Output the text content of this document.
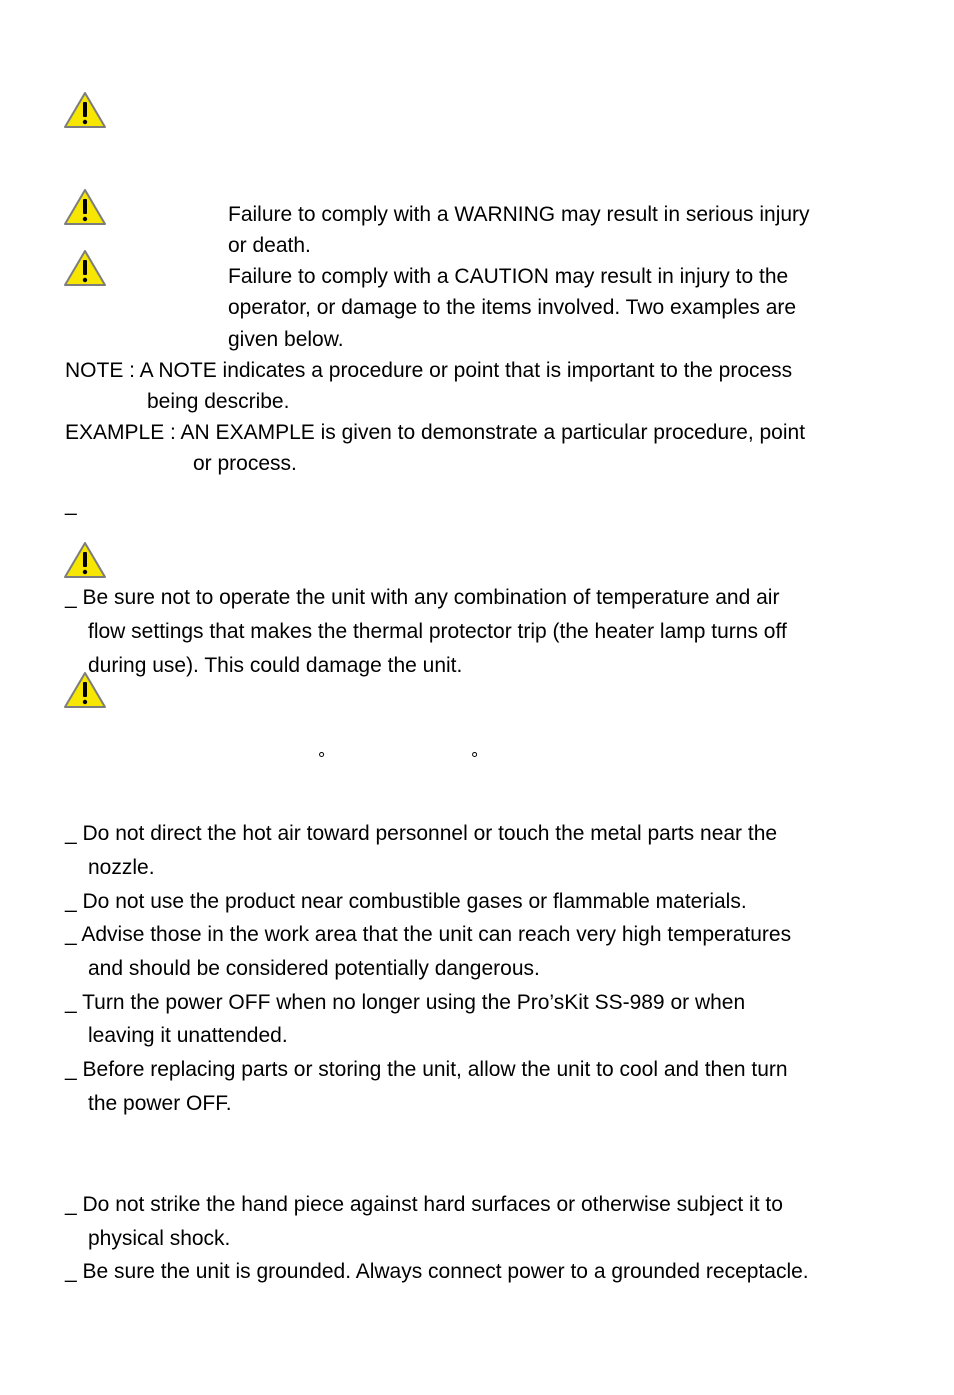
Failure to comply with a WARNING may result in serious injury
or death.
Failure to comply with a CAUTION may result in injury to the
operator, or damage to the items involved. Two examples are
given below.
NOTE : A NOTE indicates a procedure or point that is important to the process
being describe.
EXAMPLE : AN EXAMPLE is given to demonstrate a particular procedure, point
or process.
_
_ Be sure not to operate the unit with any combination of temperature and air
flow settings that makes the thermal protector trip (the heater lamp turns off
during use). This could damage the unit.
°	°
_ Do not direct the hot air toward personnel or touch the metal parts near the
nozzle.
_ Do not use the product near combustible gases or flammable materials.
_ Advise those in the work area that the unit can reach very high temperatures
and should be considered potentially dangerous.
_ Turn the power OFF when no longer using the Pro’sKit SS-989 or when
leaving it unattended.
_ Before replacing parts or storing the unit, allow the unit to cool and then turn
the power OFF.
_ Do not strike the hand piece against hard surfaces or otherwise subject it to
physical shock.
_ Be sure the unit is grounded. Always connect power to a grounded receptacle.
